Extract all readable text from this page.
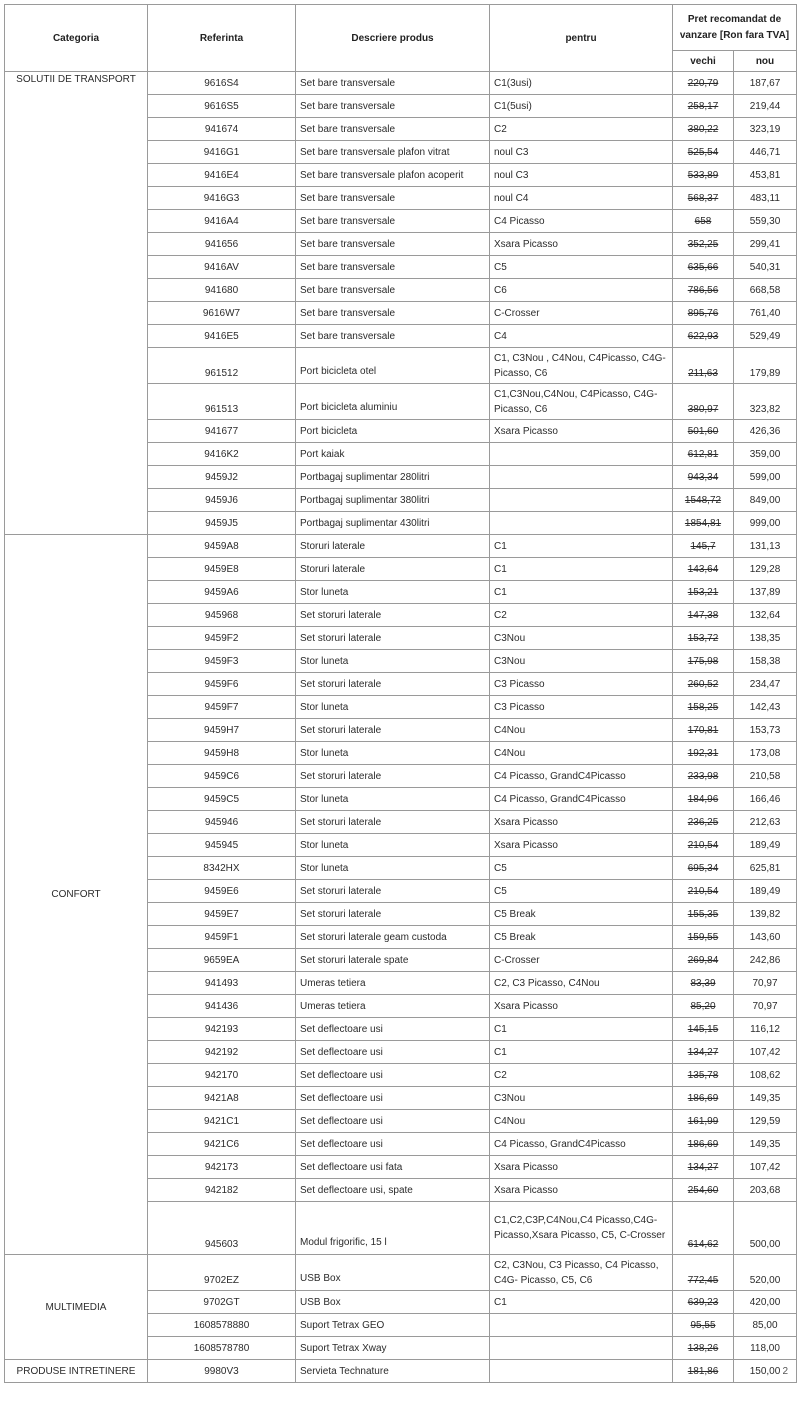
Categoria	Referinta	Descriere produs	pentru	Pret recomandat de vanzare [Ron fara TVA]	
				vechi	nou
SOLUTII DE TRANSPORT	9616S4	Set bare transversale	C1(3usi)	220,79	187,67
	9616S5	Set bare transversale	C1(5usi)	258,17	219,44
	941674	Set bare transversale	C2	380,22	323,19
	9416G1	Set bare transversale plafon vitrat	noul C3	525,54	446,71
	9416E4	Set bare transversale plafon acoperit	noul C3	533,89	453,81
	9416G3	Set bare transversale	noul C4	568,37	483,11
	9416A4	Set bare transversale	C4 Picasso	658	559,30
	941656	Set bare transversale	Xsara Picasso	352,25	299,41
	9416AV	Set bare transversale	C5	635,66	540,31
	941680	Set bare transversale	C6	786,56	668,58
	9616W7	Set bare transversale	C-Crosser	895,76	761,40
	9416E5	Set bare transversale	C4	622,93	529,49
	961512	Port bicicleta otel	C1, C3Nou , C4Nou, C4Picasso, C4G-Picasso, C6	211,63	179,89
	961513	Port bicicleta aluminiu	C1,C3Nou,C4Nou, C4Picasso, C4G-Picasso, C6	380,97	323,82
	941677	Port bicicleta	Xsara Picasso	501,60	426,36
	9416K2	Port kaiak		612,81	359,00
	9459J2	Portbagaj suplimentar 280litri		943,34	599,00
	9459J6	Portbagaj suplimentar 380litri		1548,72	849,00
	9459J5	Portbagaj suplimentar 430litri		1854,81	999,00
CONFORT	9459A8	Storuri laterale	C1	145,7	131,13
	9459E8	Storuri laterale	C1	143,64	129,28
	9459A6	Stor luneta	C1	153,21	137,89
	945968	Set storuri laterale	C2	147,38	132,64
	9459F2	Set storuri laterale	C3Nou	153,72	138,35
	9459F3	Stor luneta	C3Nou	175,98	158,38
	9459F6	Set storuri laterale	C3 Picasso	260,52	234,47
	9459F7	Stor luneta	C3 Picasso	158,25	142,43
	9459H7	Set storuri laterale	C4Nou	170,81	153,73
	9459H8	Stor luneta	C4Nou	192,31	173,08
	9459C6	Set storuri laterale	C4 Picasso, GrandC4Picasso	233,98	210,58
	9459C5	Stor luneta	C4 Picasso, GrandC4Picasso	184,96	166,46
	945946	Set storuri laterale	Xsara Picasso	236,25	212,63
	945945	Stor luneta	Xsara Picasso	210,54	189,49
	8342HX	Stor luneta	C5	695,34	625,81
	9459E6	Set storuri laterale	C5	210,54	189,49
	9459E7	Set storuri laterale	C5 Break	155,35	139,82
	9459F1	Set storuri laterale geam custoda	C5 Break	159,55	143,60
	9659EA	Set storuri laterale spate	C-Crosser	269,84	242,86
	941493	Umeras tetiera	C2, C3 Picasso, C4Nou	83,39	70,97
	941436	Umeras tetiera	Xsara Picasso	85,20	70,97
	942193	Set deflectoare usi	C1	145,15	116,12
	942192	Set deflectoare usi	C1	134,27	107,42
	942170	Set deflectoare usi	C2	135,78	108,62
	9421A8	Set deflectoare usi	C3Nou	186,69	149,35
	9421C1	Set deflectoare usi	C4Nou	161,99	129,59
	9421C6	Set deflectoare usi	C4 Picasso, GrandC4Picasso	186,69	149,35
	942173	Set deflectoare usi fata	Xsara Picasso	134,27	107,42
	942182	Set deflectoare usi, spate	Xsara Picasso	254,60	203,68
	945603	Modul frigorific, 15 l	C1,C2,C3P,C4Nou,C4 Picasso,C4G-Picasso,Xsara Picasso, C5, C-Crosser	614,62	500,00
MULTIMEDIA	9702EZ	USB Box	C2, C3Nou, C3 Picasso, C4 Picasso, C4G- Picasso, C5, C6	772,45	520,00
	9702GT	USB Box	C1	639,23	420,00
	1608578880	Suport Tetrax GEO		95,55	85,00
	1608578780	Suport Tetrax Xway		138,26	118,00
PRODUSE INTRETINERE	9980V3	Servieta Technature		181,86	150,00 2
